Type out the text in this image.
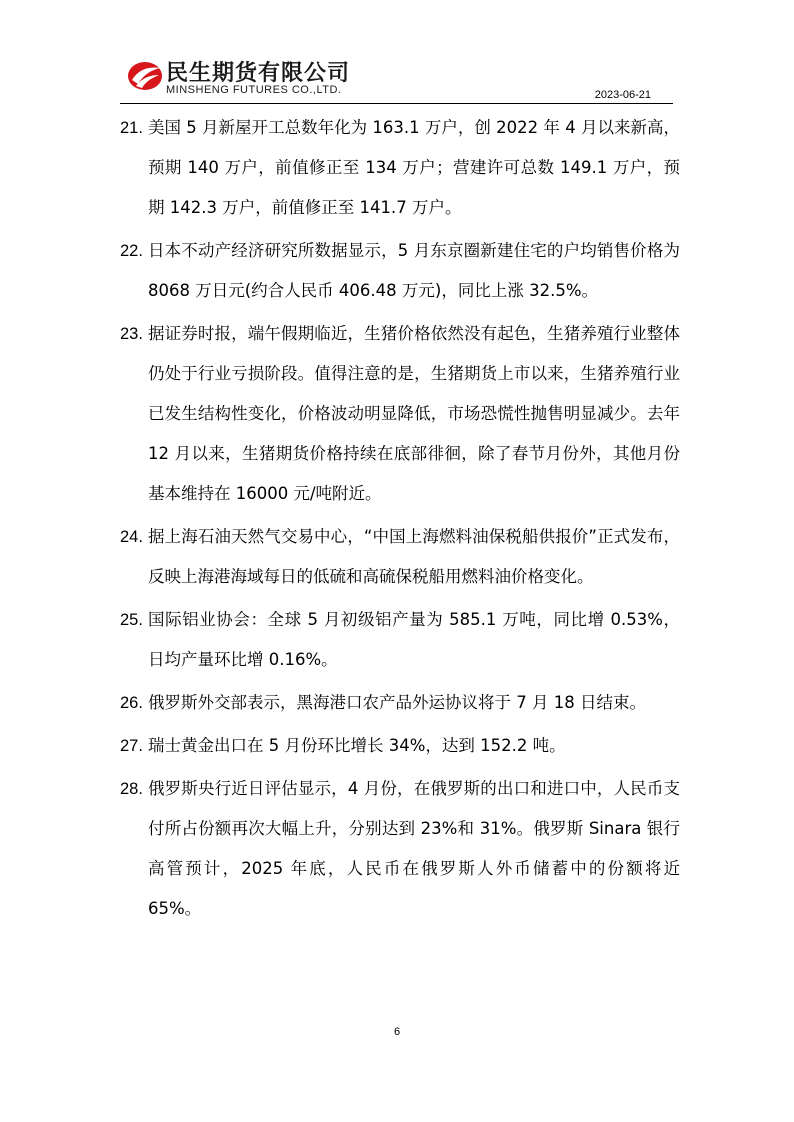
民生期货有限公司
MINSHENG FUTURES CO.,LTD.	2023-06-21
21. 美国 5 月新屋开工总数年化为 163.1 万户，创 2022 年 4 月以来新高，预期 140 万户，前值修正至 134 万户；营建许可总数 149.1 万户，预期 142.3 万户，前值修正至 141.7 万户。
22. 日本不动产经济研究所数据显示，5 月东京圈新建住宅的户均销售价格为 8068 万日元(约合人民币 406.48 万元)，同比上涨 32.5%。
23. 据证券时报，端午假期临近，生猪价格依然没有起色，生猪养殖行业整体仍处于行业亏损阶段。值得注意的是，生猪期货上市以来，生猪养殖行业已发生结构性变化，价格波动明显降低，市场恐慌性抛售明显减少。去年 12 月以来，生猪期货价格持续在底部徘徊，除了春节月份外，其他月份基本维持在 16000 元/吨附近。
24. 据上海石油天然气交易中心，“中国上海燃料油保税船供报价”正式发布，反映上海港海域每日的低硫和高硫保税船用燃料油价格变化。
25. 国际铝业协会：全球 5 月初级铝产量为 585.1 万吨，同比增 0.53%，日均产量环比增 0.16%。
26. 俄罗斯外交部表示，黑海港口农产品外运协议将于 7 月 18 日结束。
27. 瑞士黄金出口在 5 月份环比增长 34%，达到 152.2 吨。
28. 俄罗斯央行近日评估显示，4 月份，在俄罗斯的出口和进口中，人民币支付所占份额再次大幅上升，分别达到 23%和 31%。俄罗斯 Sinara 银行高管预计，2025 年底，人民币在俄罗斯人外币储蓄中的份额将近 65%。
6
